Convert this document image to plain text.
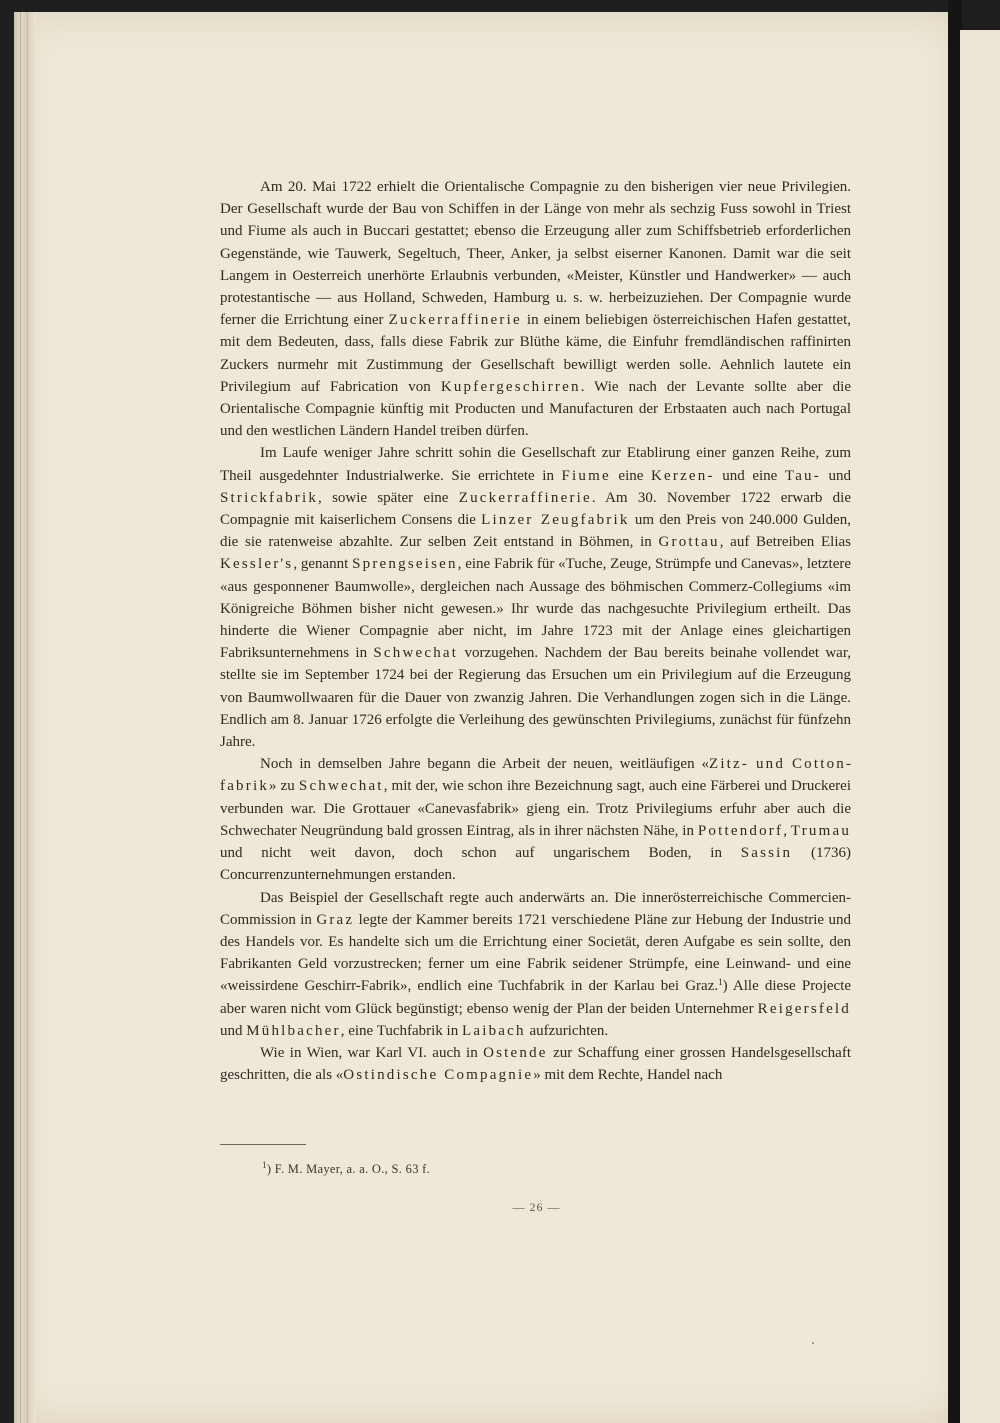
Am 20. Mai 1722 erhielt die Orientalische Compagnie zu den bisherigen vier neue Privilegien. Der Gesellschaft wurde der Bau von Schiffen in der Länge von mehr als sechzig Fuss sowohl in Triest und Fiume als auch in Buccari gestattet; ebenso die Erzeugung aller zum Schiffsbetrieb erforderlichen Gegenstände, wie Tauwerk, Segeltuch, Theer, Anker, ja selbst eiserner Kanonen. Damit war die seit Langem in Oesterreich unerhörte Erlaubnis verbunden, «Meister, Künstler und Handwerker» — auch protestantische — aus Holland, Schweden, Hamburg u. s. w. herbeizuziehen. Der Compagnie wurde ferner die Errichtung einer Zuckerraffinerie in einem beliebigen österreichischen Hafen gestattet, mit dem Bedeuten, dass, falls diese Fabrik zur Blüthe käme, die Einfuhr fremdländischen raffinirten Zuckers nurmehr mit Zustimmung der Gesellschaft bewilligt werden solle. Aehnlich lautete ein Privilegium auf Fabrication von Kupfergeschirren. Wie nach der Levante sollte aber die Orientalische Compagnie künftig mit Producten und Manufacturen der Erbstaaten auch nach Portugal und den westlichen Ländern Handel treiben dürfen.

Im Laufe weniger Jahre schritt sohin die Gesellschaft zur Etablirung einer ganzen Reihe, zum Theil ausgedehnter Industrialwerke. Sie errichtete in Fiume eine Kerzen- und eine Tau- und Strickfabrik, sowie später eine Zuckerraffinerie. Am 30. November 1722 erwarb die Compagnie mit kaiserlichem Consens die Linzer Zeugfabrik um den Preis von 240.000 Gulden, die sie ratenweise abzahlte. Zur selben Zeit entstand in Böhmen, in Grottau, auf Betreiben Elias Kessler's, genannt Sprengseisen, eine Fabrik für «Tuche, Zeuge, Strümpfe und Canevas», letztere «aus gesponnener Baumwolle», dergleichen nach Aussage des böhmischen Commerz-Collegiums «im Königreiche Böhmen bisher nicht gewesen.» Ihr wurde das nachgesuchte Privilegium ertheilt. Das hinderte die Wiener Compagnie aber nicht, im Jahre 1723 mit der Anlage eines gleichartigen Fabriksunternehmens in Schwechat vorzugehen. Nachdem der Bau bereits beinahe vollendet war, stellte sie im September 1724 bei der Regierung das Ersuchen um ein Privilegium auf die Erzeugung von Baumwollwaaren für die Dauer von zwanzig Jahren. Die Verhandlungen zogen sich in die Länge. Endlich am 8. Januar 1726 erfolgte die Verleihung des gewünschten Privilegiums, zunächst für fünfzehn Jahre.

Noch in demselben Jahre begann die Arbeit der neuen, weitläufigen «Zitz- und Cottonfabrik» zu Schwechat, mit der, wie schon ihre Bezeichnung sagt, auch eine Färberei und Druckerei verbunden war. Die Grottauer «Canevasfabrik» gieng ein. Trotz Privilegiums erfuhr aber auch die Schwechater Neugründung bald grossen Eintrag, als in ihrer nächsten Nähe, in Pottendorf, Trumau und nicht weit davon, doch schon auf ungarischem Boden, in Sassin (1736) Concurrenzunternehmungen erstanden.

Das Beispiel der Gesellschaft regte auch anderwärts an. Die innerösterreichische Commercien-Commission in Graz legte der Kammer bereits 1721 verschiedene Pläne zur Hebung der Industrie und des Handels vor. Es handelte sich um die Errichtung einer Societät, deren Aufgabe es sein sollte, den Fabrikanten Geld vorzustrecken; ferner um eine Fabrik seidener Strümpfe, eine Leinwand- und eine «weissirdene Geschirr-Fabrik», endlich eine Tuchfabrik in der Karlau bei Graz.$^1$) Alle diese Projecte aber waren nicht vom Glück begünstigt; ebenso wenig der Plan der beiden Unternehmer Reigersfeld und Mühlbacher, eine Tuchfabrik in Laibach aufzurichten.

Wie in Wien, war Karl VI. auch in Ostende zur Schaffung einer grossen Handelsgesellschaft geschritten, die als «Ostindische Compagnie» mit dem Rechte, Handel nach

$^1$) F. M. Mayer, a. a. O., S. 63 f.
— 26 —
